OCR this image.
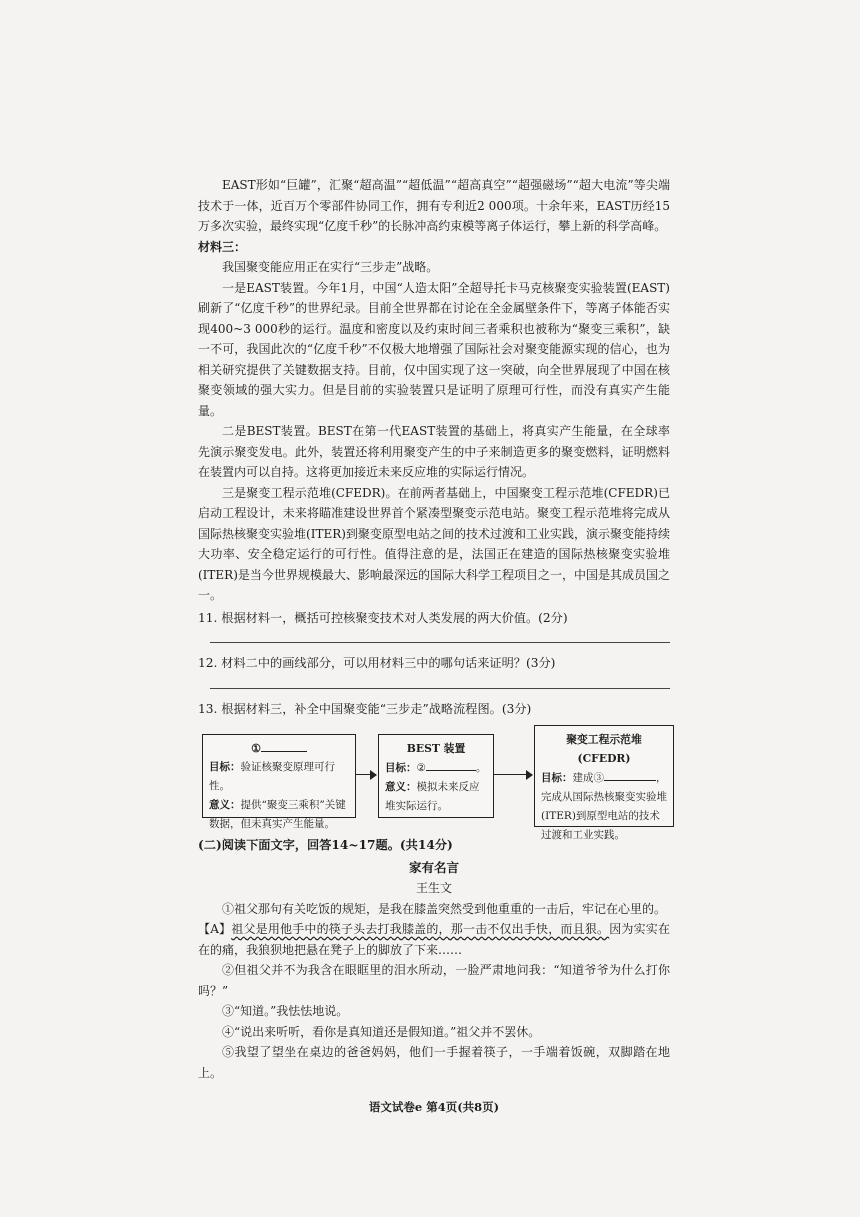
EAST形如“巨罐”，汇聚“超高温”“超低温”“超高真空”“超强磁场”“超大电流”等尖端技术于一体，近百万个零部件协同工作，拥有专利近2 000项。十余年来，EAST历经15万多次实验，最终实现“亿度千秒”的长脉冲高约束模等离子体运行，攀上新的科学高峰。

材料三：

我国聚变能应用正在实行“三步走”战略。

一是EAST装置。今年1月，中国“人造太阳”全超导托卡马克核聚变实验装置(EAST)刷新了“亿度千秒”的世界纪录。目前全世界都在讨论在全金属壁条件下，等离子体能否实现400~3 000秒的运行。温度和密度以及约束时间三者乘积也被称为“聚变三乘积”，缺一不可，我国此次的“亿度千秒”不仅极大地增强了国际社会对聚变能源实现的信心，也为相关研究提供了关键数据支持。目前，仅中国实现了这一突破，向全世界展现了中国在核聚变领域的强大实力。但是目前的实验装置只是证明了原理可行性，而没有真实产生能量。

二是BEST装置。BEST在第一代EAST装置的基础上，将真实产生能量，在全球率先演示聚变发电。此外，装置还将利用聚变产生的中子来制造更多的聚变燃料，证明燃料在装置内可以自持。这将更加接近未来反应堆的实际运行情况。

三是聚变工程示范堆(CFEDR)。在前两者基础上，中国聚变工程示范堆(CFEDR)已启动工程设计，未来将瞄准建设世界首个紧凑型聚变示范电站。聚变工程示范堆将完成从国际热核聚变实验堆(ITER)到聚变原型电站之间的技术过渡和工业实践，演示聚变能持续大功率、安全稳定运行的可行性。值得注意的是，法国正在建造的国际热核聚变实验堆(ITER)是当今世界规模最大、影响最深远的国际大科学工程项目之一，中国是其成员国之一。

11. 根据材料一，概括可控核聚变技术对人类发展的两大价值。(2分)

12. 材料二中的画线部分，可以用材料三中的哪句话来证明？(3分)

13. 根据材料三，补全中国聚变能“三步走”战略流程图。(3分)

①
目标：验证核聚变原理可行性。
意义：提供“聚变三乘积”关键数据，但未真实产生能量。
BEST 装置
目标：②	。
意义：模拟未来反应堆实际运行。
聚变工程示范堆(CFEDR)
目标：建成③	，
完成从国际热核聚变实验堆(ITER)到原型电站的技术过渡和工业实践。

(二)阅读下面文字，回答14~17题。(共14分)

家有名言

王生文

①祖父那句有关吃饭的规矩，是我在膝盖突然受到他重重的一击后，牢记在心里的。

【A】祖父是用他手中的筷子头去打我膝盖的，那一击不仅出手快，而且狠。因为实实在在的痛，我狼狈地把悬在凳子上的脚放了下来……

②但祖父并不为我含在眼眶里的泪水所动，一脸严肃地问我：“知道爷爷为什么打你吗？”

③“知道。”我怯怯地说。

④“说出来听听，看你是真知道还是假知道。”祖父并不罢休。

⑤我望了望坐在桌边的爸爸妈妈，他们一手握着筷子，一手端着饭碗，双脚踏在地上。

语文试卷e 第4页(共8页)
